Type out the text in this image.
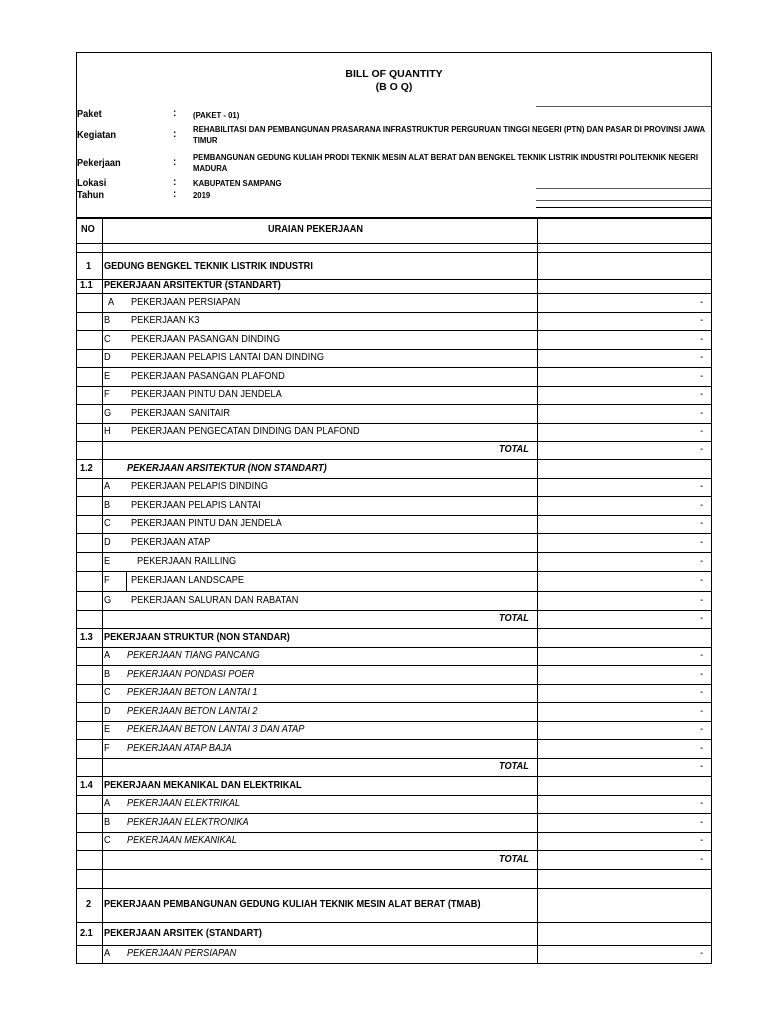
BILL OF QUANTITY
(B O Q)
Paket	: (PAKET - 01)
Kegiatan	: REHABILITASI DAN PEMBANGUNAN PRASARANA INFRASTRUKTUR PERGURUAN TINGGI NEGERI (PTN) DAN PASAR DI PROVINSI JAWA TIMUR
Pekerjaan	: PEMBANGUNAN GEDUNG KULIAH PRODI TEKNIK MESIN ALAT BERAT DAN BENGKEL TEKNIK LISTRIK INDUSTRI POLITEKNIK NEGERI MADURA
Lokasi	: KABUPATEN SAMPANG
Tahun	: 2019
NO	URAIAN PEKERJAAN
1 GEDUNG BENGKEL TEKNIK LISTRIK INDUSTRI
1.1 PEKERJAAN ARSITEKTUR (STANDART)
A PEKERJAAN PERSIAPAN	-
B PEKERJAAN K3	-
C PEKERJAAN PASANGAN DINDING	-
D PEKERJAAN PELAPIS LANTAI DAN DINDING	-
E PEKERJAAN PASANGAN PLAFOND	-
F PEKERJAAN PINTU DAN JENDELA	-
G PEKERJAAN SANITAIR	-
H PEKERJAAN PENGECATAN DINDING DAN PLAFOND	-
TOTAL	-
1.2	PEKERJAAN ARSITEKTUR (NON STANDART)
A PEKERJAAN PELAPIS DINDING	-
B PEKERJAAN PELAPIS LANTAI	-
C PEKERJAAN PINTU DAN JENDELA	-
D PEKERJAAN ATAP	-
E	PEKERJAAN RAILLING	-
F PEKERJAAN LANDSCAPE	-
G PEKERJAAN SALURAN DAN RABATAN	-
TOTAL	-
1.3 PEKERJAAN STRUKTUR (NON STANDAR)
A PEKERJAAN TIANG PANCANG	-
B PEKERJAAN PONDASI POER	-
C PEKERJAAN BETON LANTAI 1	-
D PEKERJAAN BETON LANTAI 2	-
E PEKERJAAN BETON LANTAI 3 DAN ATAP	-
F PEKERJAAN ATAP BAJA	-
TOTAL	-
1.4 PEKERJAAN MEKANIKAL DAN ELEKTRIKAL
A PEKERJAAN ELEKTRIKAL	-
B PEKERJAAN ELEKTRONIKA	-
C PEKERJAAN MEKANIKAL	-
TOTAL	-
2 PEKERJAAN PEMBANGUNAN GEDUNG KULIAH TEKNIK MESIN ALAT BERAT (TMAB)
2.1 PEKERJAAN ARSITEK (STANDART)
A PEKERJAAN PERSIAPAN	-
